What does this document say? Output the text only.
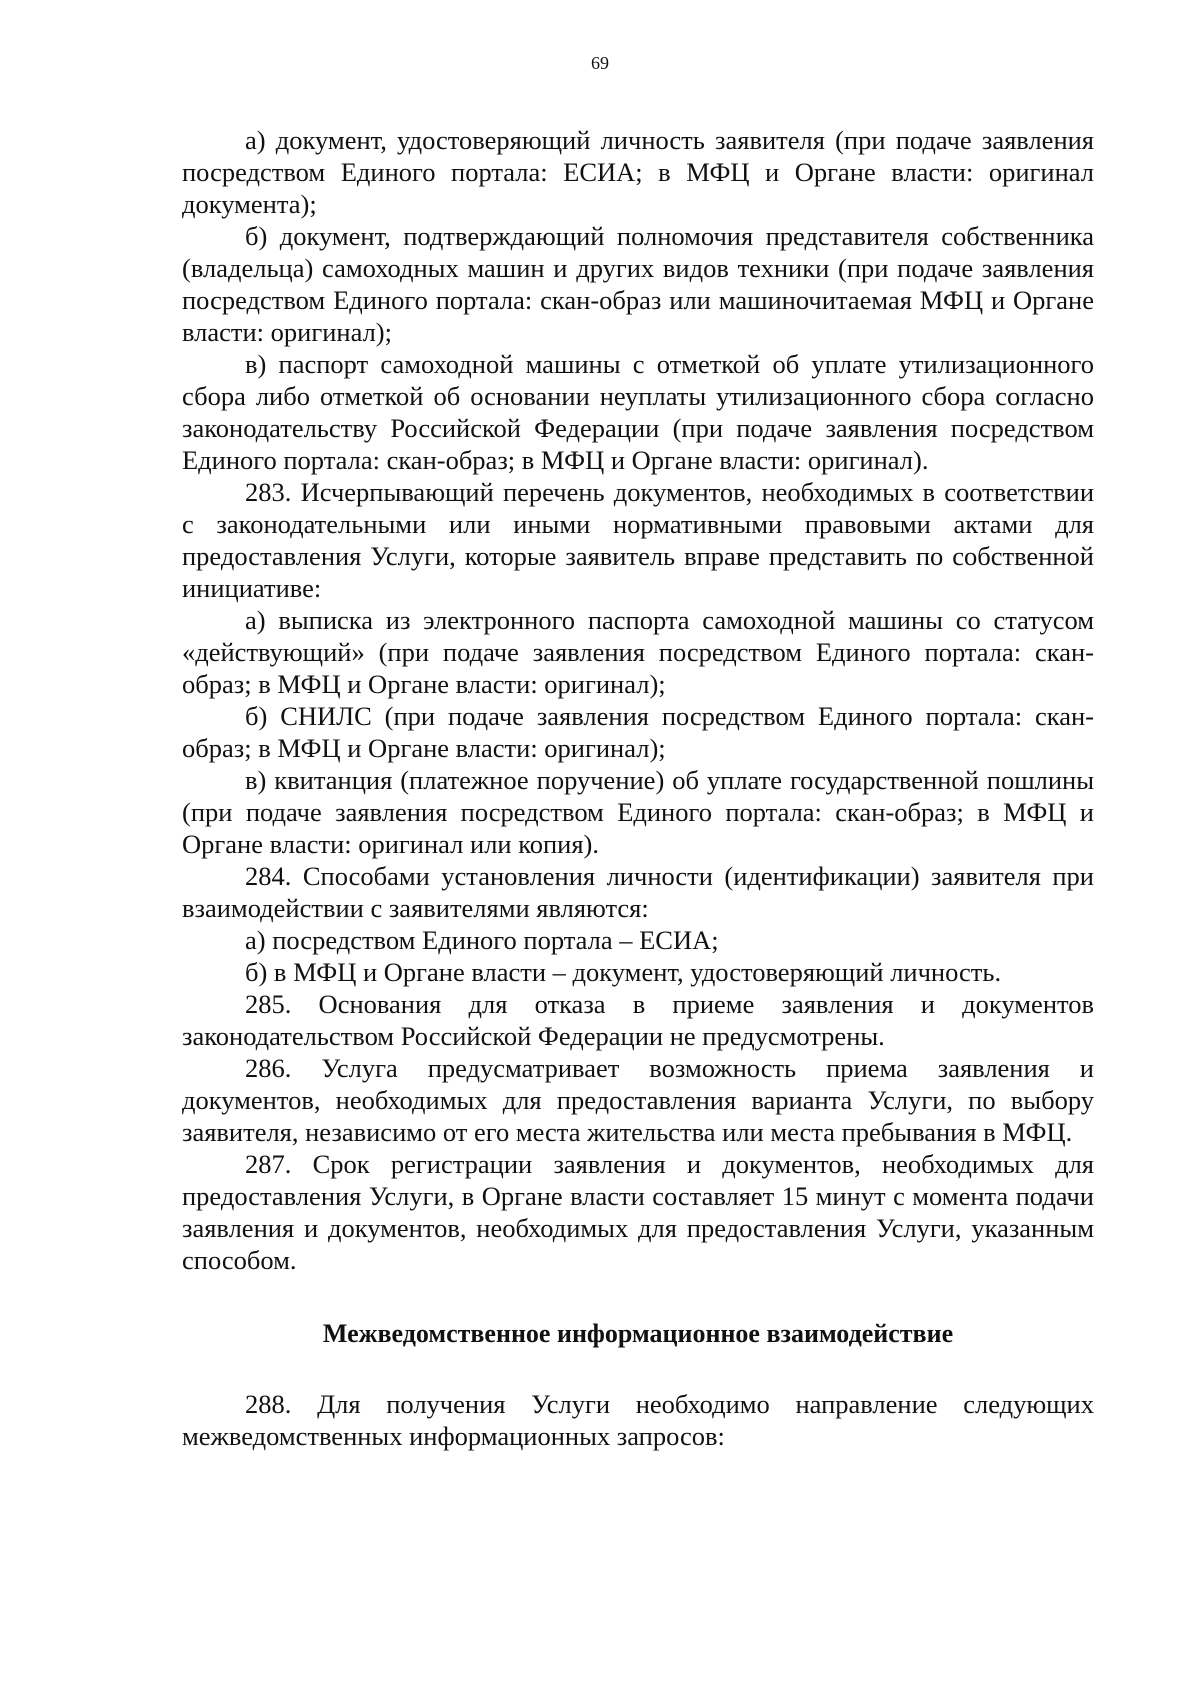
69

а) документ, удостоверяющий личность заявителя (при подаче заявления посредством Единого портала: ЕСИА; в МФЦ и Органе власти: оригинал документа);

б) документ, подтверждающий полномочия представителя собственника (владельца) самоходных машин и других видов техники (при подаче заявления посредством Единого портала: скан-образ или машиночитаемая МФЦ и Органе власти: оригинал);

в) паспорт самоходной машины с отметкой об уплате утилизационного сбора либо отметкой об основании неуплаты утилизационного сбора согласно законодательству Российской Федерации (при подаче заявления посредством Единого портала: скан-образ; в МФЦ и Органе власти: оригинал).

283. Исчерпывающий перечень документов, необходимых в соответствии с законодательными или иными нормативными правовыми актами для предоставления Услуги, которые заявитель вправе представить по собственной инициативе:

а) выписка из электронного паспорта самоходной машины со статусом «действующий» (при подаче заявления посредством Единого портала: скан-образ; в МФЦ и Органе власти: оригинал);

б) СНИЛС (при подаче заявления посредством Единого портала: скан-образ; в МФЦ и Органе власти: оригинал);

в) квитанция (платежное поручение) об уплате государственной пошлины (при подаче заявления посредством Единого портала: скан-образ; в МФЦ и Органе власти: оригинал или копия).

284. Способами установления личности (идентификации) заявителя при взаимодействии с заявителями являются:

а) посредством Единого портала – ЕСИА;

б) в МФЦ и Органе власти – документ, удостоверяющий личность.

285. Основания для отказа в приеме заявления и документов законодательством Российской Федерации не предусмотрены.

286. Услуга предусматривает возможность приема заявления и документов, необходимых для предоставления варианта Услуги, по выбору заявителя, независимо от его места жительства или места пребывания в МФЦ.

287. Срок регистрации заявления и документов, необходимых для предоставления Услуги, в Органе власти составляет 15 минут с момента подачи заявления и документов, необходимых для предоставления Услуги, указанным способом.

Межведомственное информационное взаимодействие

288. Для получения Услуги необходимо направление следующих межведомственных информационных запросов:
